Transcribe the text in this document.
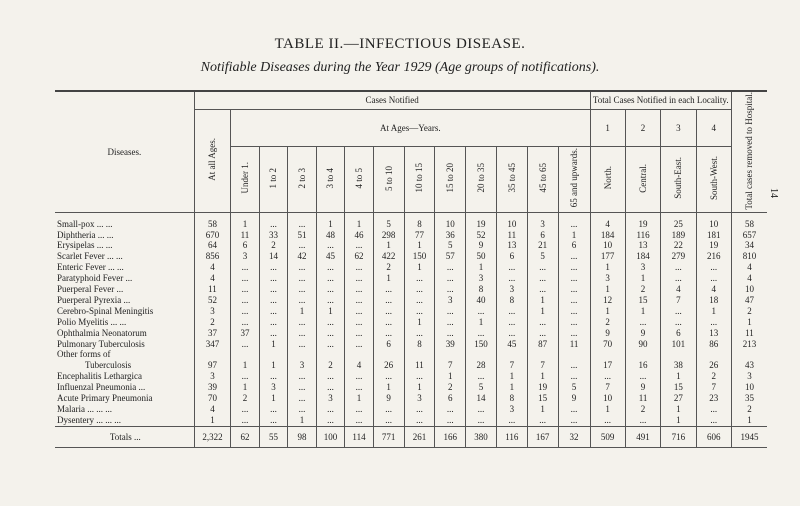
TABLE II.—INFECTIOUS DISEASE.
Notifiable Diseases during the Year 1929 (Age groups of notifications).
14
Diseases.	Cases Notified													Total Cases Notified in each Locality.				Total cases removed to Hospital.
	At all Ages.	At Ages—Years.												1	2	3	4	
		Under 1.	1 to 2	2 to 3	3 to 4	4 to 5	5 to 10	10 to 15	15 to 20	20 to 35	35 to 45	45 to 65	65 and upwards.	North.	Central.	South-East.	South-West.	
Small-pox ... ...	58	1	...	...	1	1	5	8	10	19	10	3	...	4	19	25	10	58
Diphtheria ... ...	670	11	33	51	48	46	298	77	36	52	11	6	1	184	116	189	181	657
Erysipelas ... ...	64	6	2	...	...	...	1	1	5	9	13	21	6	10	13	22	19	34
Scarlet Fever ... ...	856	3	14	42	45	62	422	150	57	50	6	5	...	177	184	279	216	810
Enteric Fever ... ...	4	...	...	...	...	...	2	1	...	1	...	...	...	1	3	...	...	4
Paratyphoid Fever ...	4	...	...	...	...	...	1	...	...	3	...	...	...	3	1	...	...	4
Puerperal Fever ...	11	...	...	...	...	...	...	...	...	8	3	...	...	1	2	4	4	10
Puerperal Pyrexia ...	52	...	...	...	...	...	...	...	3	40	8	1	...	12	15	7	18	47
Cerebro-Spinal Meningitis	3	...	...	1	1	...	...	...	...	...	...	1	...	1	1	...	1	2
Polio Myelitis ... ...	2	...	...	...	...	...	...	1	...	1	...	...	...	2	...	...	...	1
Ophthalmia Neonatorum	37	37	...	...	...	...	...	...	...	...	...	...	...	9	9	6	13	11
Pulmonary Tuberculosis	347	...	1	...	...	...	6	8	39	150	45	87	11	70	90	101	86	213
Other forms of																		
Tuberculosis	97	1	1	3	2	4	26	11	7	28	7	7	...	17	16	38	26	43
Encephalitis Lethargica	3	...	...	...	...	...	...	...	1	...	1	1	...	...	...	1	2	3
Influenzal Pneumonia ...	39	1	3	...	...	...	1	1	2	5	1	19	5	7	9	15	7	10
Acute Primary Pneumonia	70	2	1	...	3	1	9	3	6	14	8	15	9	10	11	27	23	35
Malaria ... ... ...	4	...	...	...	...	...	...	...	...	...	3	1	...	1	2	1	...	2
Dysentery ... ... ...	1	...	...	1	...	...	...	...	...	...	...	...	...	...	...	1	...	1
Totals ...	2,322	62	55	98	100	114	771	261	166	380	116	167	32	509	491	716	606	1945
